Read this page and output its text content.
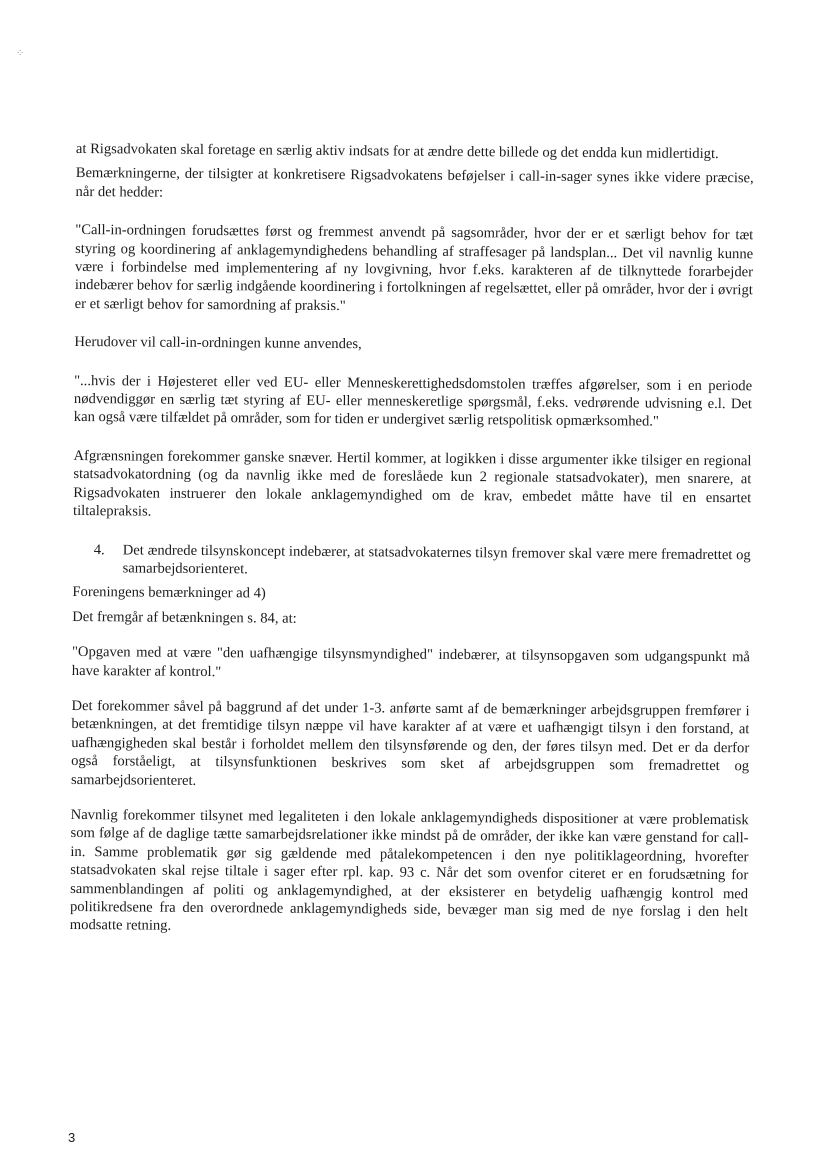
⁘

at Rigsadvokaten skal foretage en særlig aktiv indsats for at ændre dette billede og det endda kun midlertidigt.

Bemærkningerne, der tilsigter at konkretisere Rigsadvokatens beføjelser i call-in-sager synes ikke videre præcise, når det hedder:

"Call-in-ordningen forudsættes først og fremmest anvendt på sagsområder, hvor der er et særligt behov for tæt styring og koordinering af anklagemyndighedens behandling af straffesager på landsplan... Det vil navnlig kunne være i forbindelse med implementering af ny lovgivning, hvor f.eks. karakteren af de tilknyttede forarbejder indebærer behov for særlig indgående koordinering i fortolkningen af regelsættet, eller på områder, hvor der i øvrigt er et særligt behov for samordning af praksis."

Herudover vil call-in-ordningen kunne anvendes,

"...hvis der i Højesteret eller ved EU- eller Menneskerettighedsdomstolen træffes afgørelser, som i en periode nødvendiggør en særlig tæt styring af EU- eller menneskeretlige spørgsmål, f.eks. vedrørende udvisning e.l. Det kan også være tilfældet på områder, som for tiden er undergivet særlig retspolitisk opmærksomhed."

Afgrænsningen forekommer ganske snæver. Hertil kommer, at logikken i disse argumenter ikke tilsiger en regional statsadvokatordning (og da navnlig ikke med de foreslåede kun 2 regionale statsadvokater), men snarere, at Rigsadvokaten instruerer den lokale anklagemyndighed om de krav, embedet måtte have til en ensartet tiltalepraksis.

4. Det ændrede tilsynskoncept indebærer, at statsadvokaternes tilsyn fremover skal være mere fremadrettet og samarbejdsorienteret.

Foreningens bemærkninger ad 4)

Det fremgår af betænkningen s. 84, at:

"Opgaven med at være "den uafhængige tilsynsmyndighed" indebærer, at tilsynsopgaven som udgangspunkt må have karakter af kontrol."

Det forekommer såvel på baggrund af det under 1-3. anførte samt af de bemærkninger arbejdsgruppen fremfører i betænkningen, at det fremtidige tilsyn næppe vil have karakter af at være et uafhængigt tilsyn i den forstand, at uafhængigheden skal består i forholdet mellem den tilsynsførende og den, der føres tilsyn med. Det er da derfor også forståeligt, at tilsynsfunktionen beskrives som sket af arbejdsgruppen som fremadrettet og samarbejdsorienteret.

Navnlig forekommer tilsynet med legaliteten i den lokale anklagemyndigheds dispositioner at være problematisk som følge af de daglige tætte samarbejdsrelationer ikke mindst på de områder, der ikke kan være genstand for call-in. Samme problematik gør sig gældende med påtalekompetencen i den nye politiklageordning, hvorefter statsadvokaten skal rejse tiltale i sager efter rpl. kap. 93 c. Når det som ovenfor citeret er en forudsætning for sammenblandingen af politi og anklagemyndighed, at der eksisterer en betydelig uafhængig kontrol med politikredsene fra den overordnede anklagemyndigheds side, bevæger man sig med de nye forslag i den helt modsatte retning.

3
